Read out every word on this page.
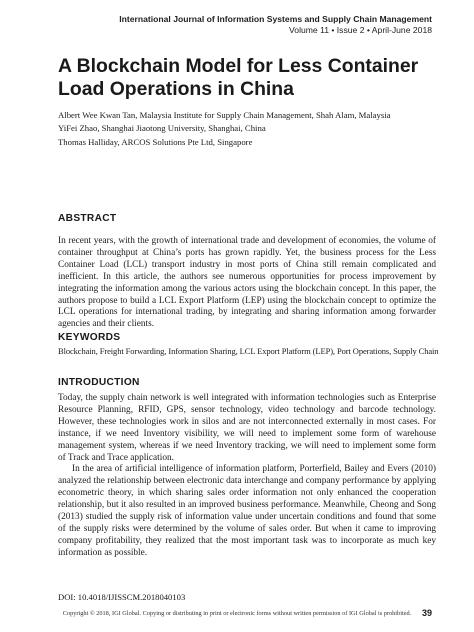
International Journal of Information Systems and Supply Chain Management
Volume 11 • Issue 2 • April-June 2018
A Blockchain Model for Less Container Load Operations in China
Albert Wee Kwan Tan, Malaysia Institute for Supply Chain Management, Shah Alam, Malaysia
YiFei Zhao, Shanghai Jiaotong University, Shanghai, China
Thomas Halliday, ARCOS Solutions Pte Ltd, Singapore
ABSTRACT
In recent years, with the growth of international trade and development of economies, the volume of container throughput at China’s ports has grown rapidly. Yet, the business process for the Less Container Load (LCL) transport industry in most ports of China still remain complicated and inefficient. In this article, the authors see numerous opportunities for process improvement by integrating the information among the various actors using the blockchain concept. In this paper, the authors propose to build a LCL Export Platform (LEP) using the blockchain concept to optimize the LCL operations for international trading, by integrating and sharing information among forwarder agencies and their clients.
KEYWORDS
Blockchain, Freight Forwarding, Information Sharing, LCL Export Platform (LEP), Port Operations, Supply Chain
INTRODUCTION

Today, the supply chain network is well integrated with information technologies such as Enterprise Resource Planning, RFID, GPS, sensor technology, video technology and barcode technology. However, these technologies work in silos and are not interconnected externally in most cases. For instance, if we need Inventory visibility, we will need to implement some form of warehouse management system, whereas if we need Inventory tracking, we will need to implement some form of Track and Trace application.

In the area of artificial intelligence of information platform, Porterfield, Bailey and Evers (2010) analyzed the relationship between electronic data interchange and company performance by applying econometric theory, in which sharing sales order information not only enhanced the cooperation relationship, but it also resulted in an improved business performance. Meanwhile, Cheong and Song (2013) studied the supply risk of information value under uncertain conditions and found that some of the supply risks were determined by the volume of sales order. But when it came to improving company profitability, they realized that the most important task was to incorporate as much key information as possible.

DOI: 10.4018/IJISSCM.2018040103
Copyright © 2018, IGI Global. Copying or distributing in print or electronic forms without written permission of IGI Global is prohibited.	39
